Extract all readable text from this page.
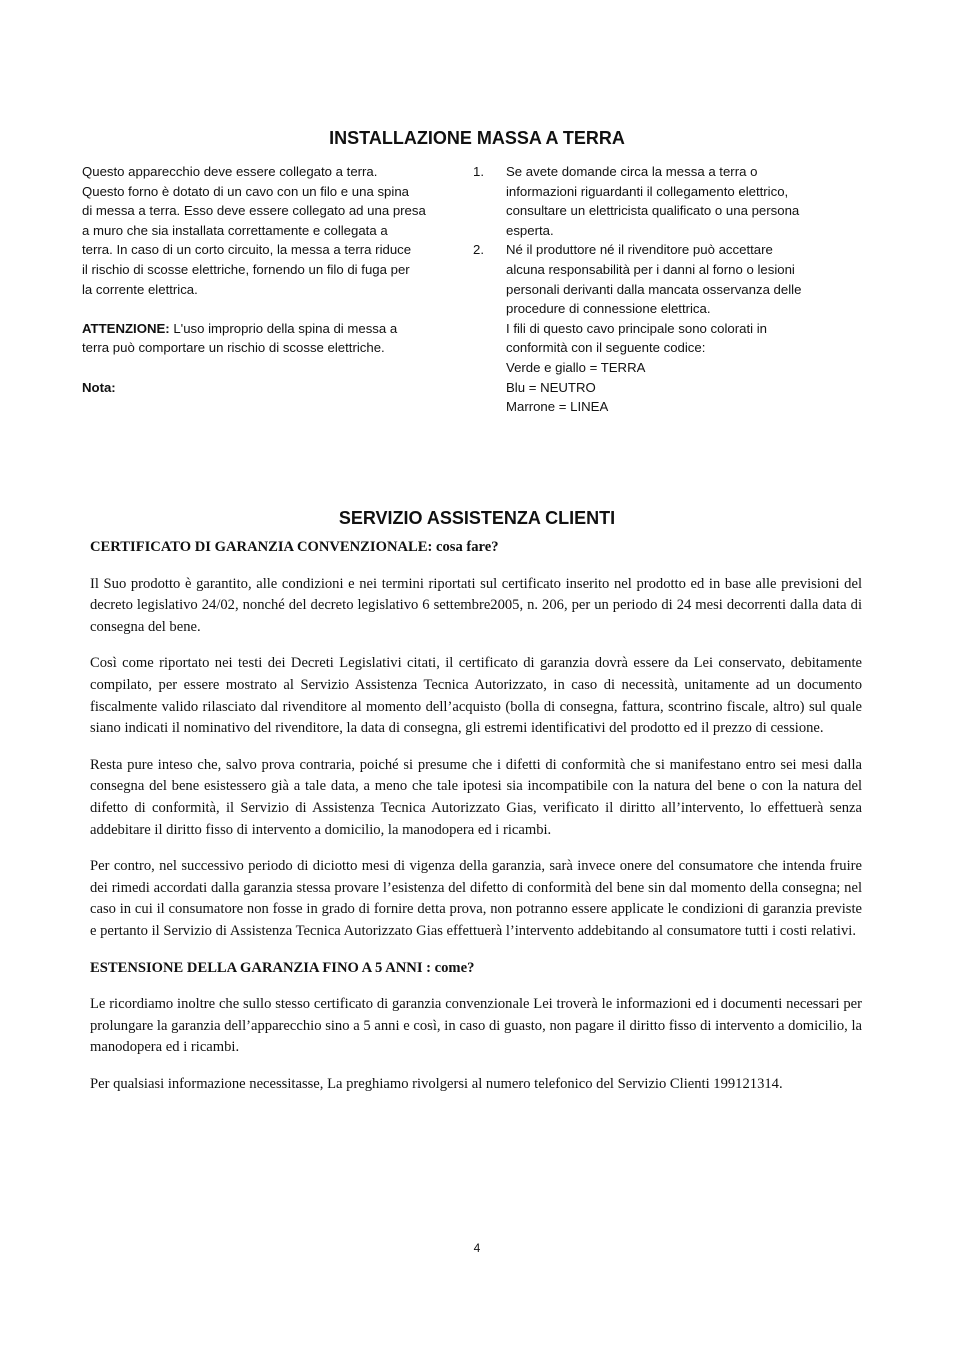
INSTALLAZIONE MASSA A TERRA

Questo apparecchio deve essere collegato a terra.

Questo forno è dotato di un cavo con un filo e una spina

di messa a terra. Esso deve essere collegato ad una presa

a muro che sia installata correttamente e collegata a

terra. In caso di un corto circuito, la messa a terra riduce

il rischio di scosse elettriche, fornendo un filo di fuga per

la corrente elettrica.

ATTENZIONE: L'uso improprio della spina di messa a

terra può comportare un rischio di scosse elettriche.

Nota:

1. Se avete domande circa la messa a terra o
informazioni riguardanti il collegamento elettrico,
consultare un elettricista qualificato o una persona
esperta.
2. Né il produttore né il rivenditore può accettare
alcuna responsabilità per i danni al forno o lesioni
personali derivanti dalla mancata osservanza delle
procedure di connessione elettrica.
I fili di questo cavo principale sono colorati in
conformità con il seguente codice:
Verde e giallo = TERRA
Blu = NEUTRO
Marrone = LINEA
SERVIZIO ASSISTENZA CLIENTI
CERTIFICATO DI GARANZIA CONVENZIONALE: cosa fare?

Il Suo prodotto è garantito, alle condizioni e nei termini riportati sul certificato inserito nel prodotto ed in base alle previsioni del decreto legislativo 24/02, nonché del decreto legislativo 6 settembre2005, n. 206, per un periodo di 24 mesi decorrenti dalla data di consegna del bene.

Così come riportato nei testi dei Decreti Legislativi citati, il certificato di garanzia dovrà essere da Lei conservato, debitamente compilato, per essere mostrato al Servizio Assistenza Tecnica Autorizzato, in caso di necessità, unitamente ad un documento fiscalmente valido rilasciato dal rivenditore al momento dell’acquisto (bolla di consegna, fattura, scontrino fiscale, altro) sul quale siano indicati il nominativo del rivenditore, la data di consegna, gli estremi identificativi del prodotto ed il prezzo di cessione.

Resta pure inteso che, salvo prova contraria, poiché si presume che i difetti di conformità che si manifestano entro sei mesi dalla consegna del bene esistessero già a tale data, a meno che tale ipotesi sia incompatibile con la natura del bene o con la natura del difetto di conformità, il Servizio di Assistenza Tecnica Autorizzato Gias, verificato il diritto all’intervento, lo effettuerà senza addebitare il diritto fisso di intervento a domicilio, la manodopera ed i ricambi.

Per contro, nel successivo periodo di diciotto mesi di vigenza della garanzia, sarà invece onere del consumatore che intenda fruire dei rimedi accordati dalla garanzia stessa provare l’esistenza del difetto di conformità del bene sin dal momento della consegna; nel caso in cui il consumatore non fosse in grado di fornire detta prova, non potranno essere applicate le condizioni di garanzia previste e pertanto il Servizio di Assistenza Tecnica Autorizzato Gias effettuerà l’intervento addebitando al consumatore tutti i costi relativi.

ESTENSIONE DELLA GARANZIA FINO A 5 ANNI : come?

Le ricordiamo inoltre che sullo stesso certificato di garanzia convenzionale Lei troverà le informazioni ed i documenti necessari per prolungare la garanzia dell’apparecchio sino a 5 anni e così, in caso di guasto, non pagare il diritto fisso di intervento a domicilio, la manodopera ed i ricambi.

Per qualsiasi informazione necessitasse, La preghiamo rivolgersi al numero telefonico del Servizio Clienti 199121314.

4
